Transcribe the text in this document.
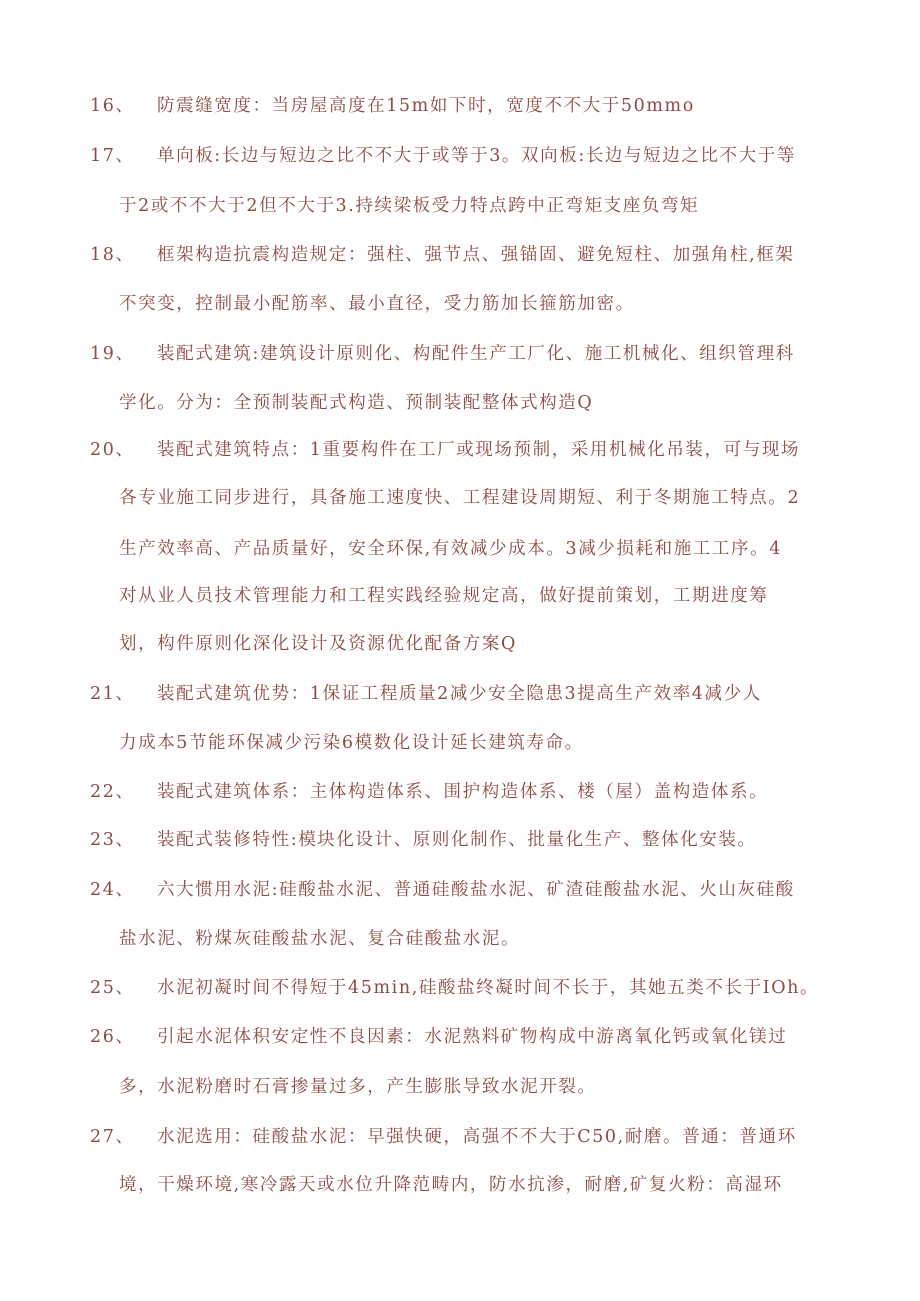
16、 防震缝宽度：当房屋高度在15m如下时，宽度不不大于50mmo
17、 单向板:长边与短边之比不不大于或等于3。双向板:长边与短边之比不大于等
于2或不不大于2但不大于3.持续梁板受力特点跨中正弯矩支座负弯矩
18、 框架构造抗震构造规定：强柱、强节点、强锚固、避免短柱、加强角柱,框架
不突变，控制最小配筋率、最小直径，受力筋加长箍筋加密。
19、 装配式建筑:建筑设计原则化、构配件生产工厂化、施工机械化、组织管理科
学化。分为：全预制装配式构造、预制装配整体式构造Q
20、 装配式建筑特点：1重要构件在工厂或现场预制，采用机械化吊装，可与现场
各专业施工同步进行，具备施工速度快、工程建设周期短、利于冬期施工特点。2
生产效率高、产品质量好，安全环保,有效减少成本。3减少损耗和施工工序。4
对从业人员技术管理能力和工程实践经验规定高，做好提前策划，工期进度筹
划，构件原则化深化设计及资源优化配备方案Q
21、 装配式建筑优势：1保证工程质量2减少安全隐患3提高生产效率4减少人
力成本5节能环保减少污染6模数化设计延长建筑寿命。
22、 装配式建筑体系：主体构造体系、围护构造体系、楼（屋）盖构造体系。
23、 装配式装修特性:模块化设计、原则化制作、批量化生产、整体化安装。
24、 六大惯用水泥:硅酸盐水泥、普通硅酸盐水泥、矿渣硅酸盐水泥、火山灰硅酸
盐水泥、粉煤灰硅酸盐水泥、复合硅酸盐水泥。
25、 水泥初凝时间不得短于45min,硅酸盐终凝时间不长于，其她五类不长于IOh。
26、 引起水泥体积安定性不良因素：水泥熟料矿物构成中游离氧化钙或氧化镁过
多，水泥粉磨时石膏掺量过多，产生膨胀导致水泥开裂。
27、 水泥选用：硅酸盐水泥：早强快硬，高强不不大于C50,耐磨。普通：普通环
境，干燥环境,寒冷露天或水位升降范畴内，防水抗渗，耐磨,矿复火粉：高湿环
